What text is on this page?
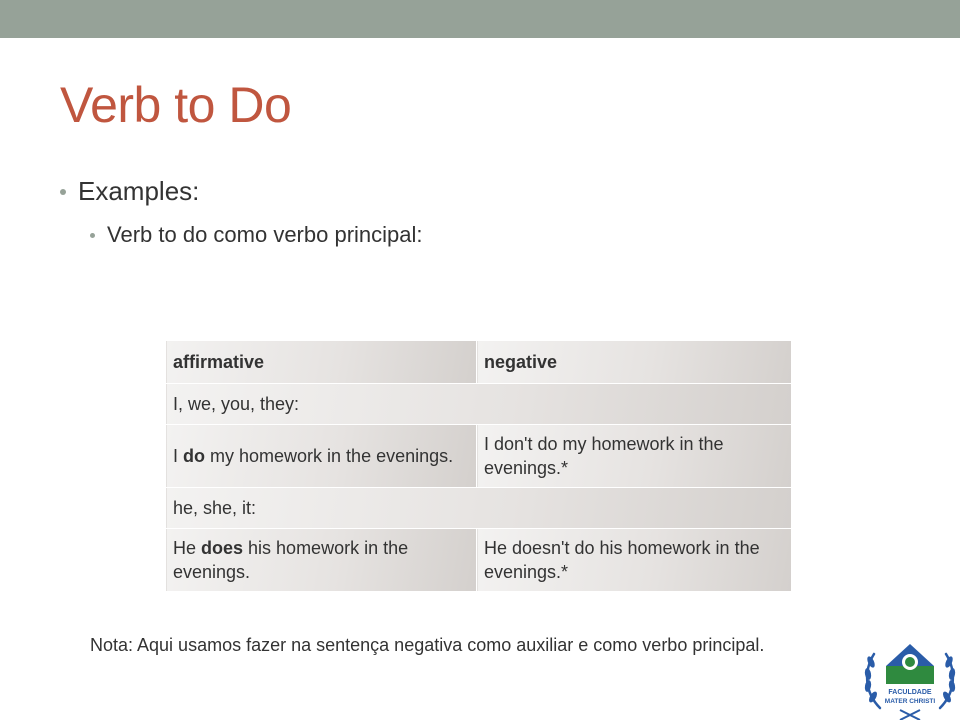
Verb to Do
Examples:
Verb to do como verbo principal:
affirmative	negative
I, we, you, they:	
I do my homework in the evenings.	I don't do my homework in the evenings.*
he, she, it:	
He does his homework in the evenings.	He doesn't do his homework in the evenings.*
Nota: Aqui usamos fazer na sentença negativa como auxiliar e como verbo principal.
FACULDADE
MATER CHRISTI
